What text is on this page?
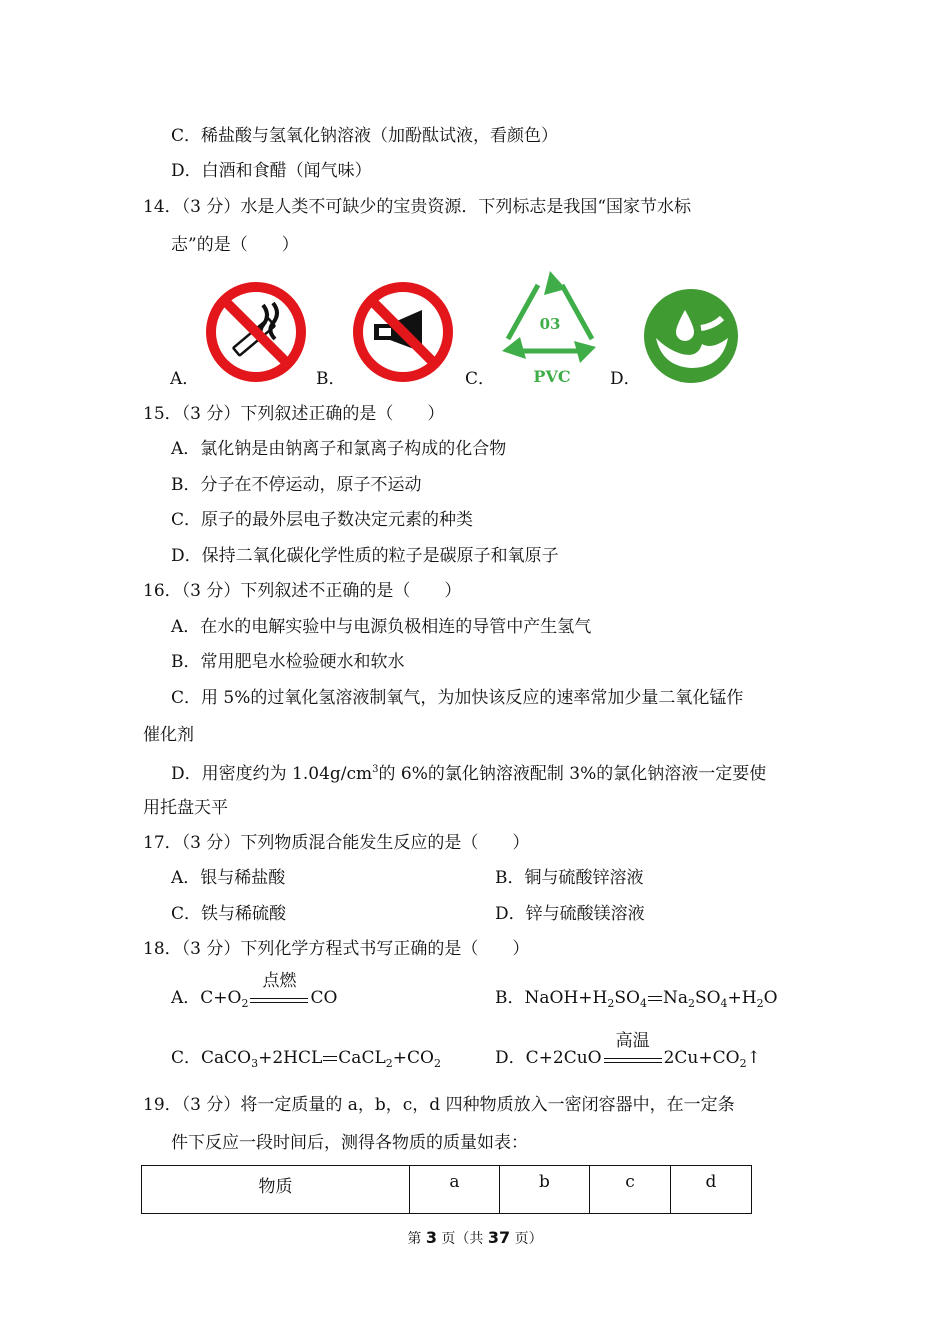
C．稀盐酸与氢氧化钠溶液（加酚酞试液，看颜色）
D．白酒和食醋（闻气味）
14．（3 分）水是人类不可缺少的宝贵资源．下列标志是我国“国家节水标
志”的是（　　）
A．	B．	C．
03
PVC D．
15．（3 分）下列叙述正确的是（　　）
A．氯化钠是由钠离子和氯离子构成的化合物
B．分子在不停运动，原子不运动
C．原子的最外层电子数决定元素的种类
D．保持二氧化碳化学性质的粒子是碳原子和氧原子
16．（3 分）下列叙述不正确的是（　　）
A．在水的电解实验中与电源负极相连的导管中产生氢气
B．常用肥皂水检验硬水和软水
C．用 5%的过氧化氢溶液制氧气，为加快该反应的速率常加少量二氧化锰作
催化剂
D．用密度约为 $1.04g/cm^3$的 6%的氯化钠溶液配制 3%的氯化钠溶液一定要使
用托盘天平
17．（3 分）下列物质混合能发生反应的是（　　）
A．银与稀盐酸	B．铜与硫酸锌溶液
C．铁与稀硫酸	D．锌与硫酸镁溶液
18．（3 分）下列化学方程式书写正确的是（　　）
A．$C+O_2$
点燃
CO	B．$NaOH+H_2SO_4$ $Na_2SO_4+H_2O$
C．CaCO$_3$+2HCL $CaCL_2+CO_2$	D．C+2CuO
高温
$2Cu+CO_2↑$
19．（3 分）将一定质量的 a，b，c，d 四种物质放入一密闭容器中，在一定条
件下反应一段时间后，测得各物质的质量如表：
物质	a	b	c	d
第 3 页（共 37 页）
